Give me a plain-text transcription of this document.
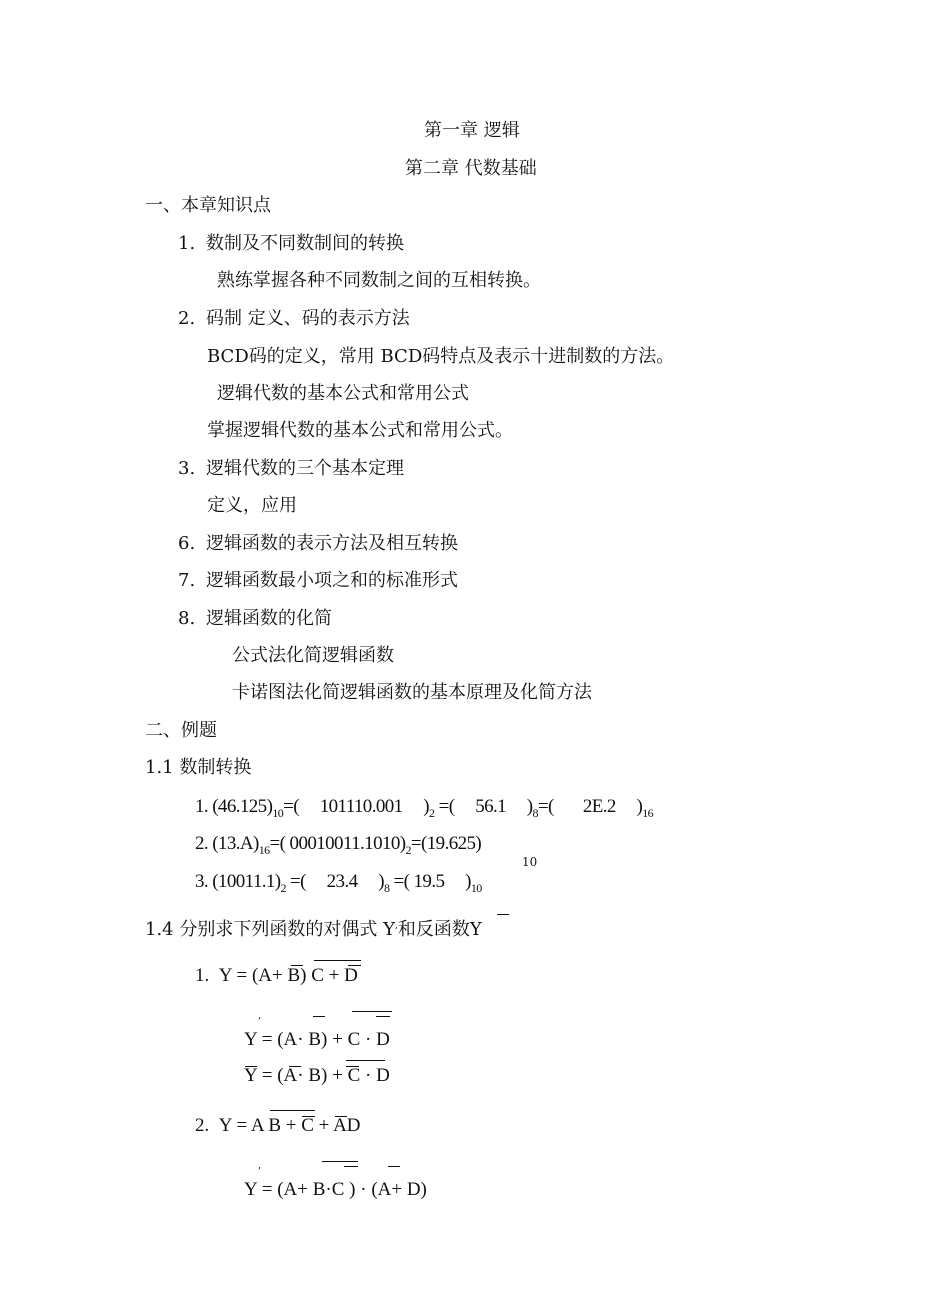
第一章 逻辑
第二章 代数基础
一、本章知识点
1. 数制及不同数制间的转换
熟练掌握各种不同数制之间的互相转换。
2. 码制 定义、码的表示方法
BCD码的定义，常用 BCD码特点及表示十进制数的方法。
逻辑代数的基本公式和常用公式
掌握逻辑代数的基本公式和常用公式。
3. 逻辑代数的三个基本定理
定义，应用
6. 逻辑函数的表示方法及相互转换
7. 逻辑函数最小项之和的标准形式
8. 逻辑函数的化简
公式法化简逻辑函数
卡诺图法化简逻辑函数的基本原理及化简方法
二、例题
1.1 数制转换
1. $(46.125)_{10}=$(     101110.001     )$_2$ =(     56.1     )$_8=$(       2E.2     )$_{16}$
2. $(13.A)_{16}=$( $00010011.1010)_2=(19.625)$
10
3. $(10011.1)_2$ =(     23.4     )$_8$ =( 19.5     )$_{10}$
1.4 分别求下列函数的对偶式 Y,和反函数Y
1. Y = (A+ B) C + D
,
Y = (A· B) + C · D
Y = (A· B) + C · D
2. Y = A B + C + AD
,
Y = (A+ B·C ) · (A+ D)
